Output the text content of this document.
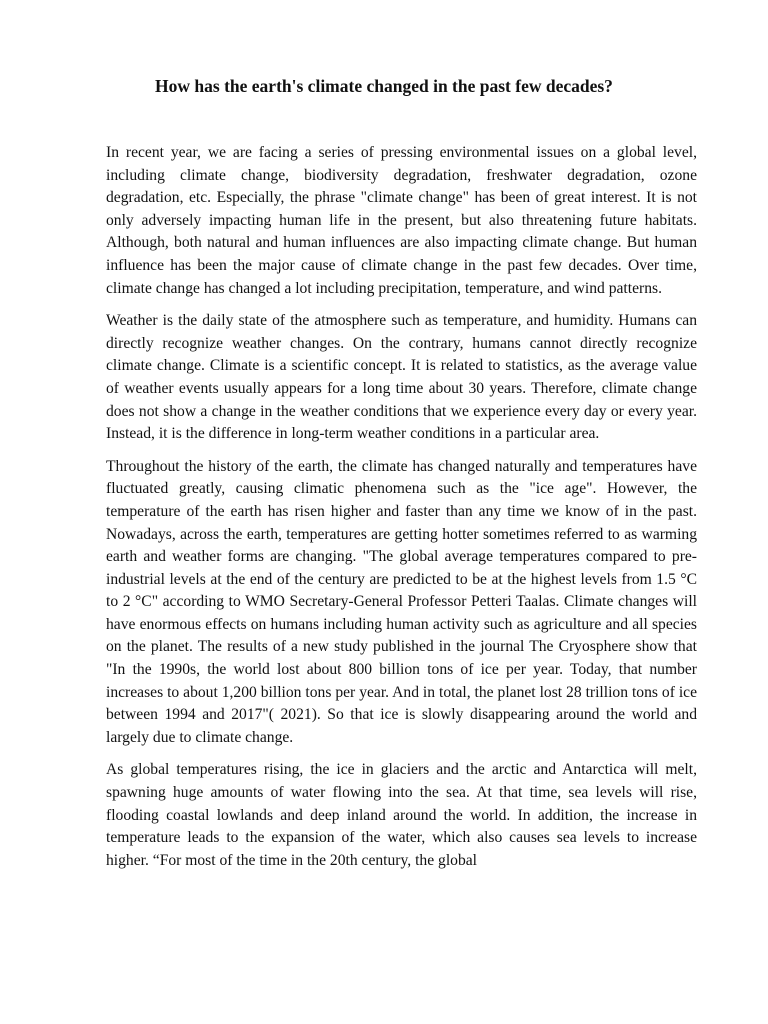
How has the earth's climate changed in the past few decades?

In recent year, we are facing a series of pressing environmental issues on a global level, including climate change, biodiversity degradation, freshwater degradation, ozone degradation, etc. Especially, the phrase "climate change" has been of great interest. It is not only adversely impacting human life in the present, but also threatening future habitats. Although, both natural and human influences are also impacting climate change. But human influence has been the major cause of climate change in the past few decades. Over time, climate change has changed a lot including precipitation, temperature, and wind patterns.

Weather is the daily state of the atmosphere such as temperature, and humidity. Humans can directly recognize weather changes. On the contrary, humans cannot directly recognize climate change. Climate is a scientific concept. It is related to statistics, as the average value of weather events usually appears for a long time about 30 years. Therefore, climate change does not show a change in the weather conditions that we experience every day or every year. Instead, it is the difference in long-term weather conditions in a particular area.

Throughout the history of the earth, the climate has changed naturally and temperatures have fluctuated greatly, causing climatic phenomena such as the "ice age". However, the temperature of the earth has risen higher and faster than any time we know of in the past. Nowadays, across the earth, temperatures are getting hotter sometimes referred to as warming earth and weather forms are changing. "The global average temperatures compared to pre-industrial levels at the end of the century are predicted to be at the highest levels from 1.5 °C to 2 °C" according to WMO Secretary-General Professor Petteri Taalas. Climate changes will have enormous effects on humans including human activity such as agriculture and all species on the planet. The results of a new study published in the journal The Cryosphere show that "In the 1990s, the world lost about 800 billion tons of ice per year. Today, that number increases to about 1,200 billion tons per year. And in total, the planet lost 28 trillion tons of ice between 1994 and 2017"( 2021). So that ice is slowly disappearing around the world and largely due to climate change.

As global temperatures rising, the ice in glaciers and the arctic and Antarctica will melt, spawning huge amounts of water flowing into the sea. At that time, sea levels will rise, flooding coastal lowlands and deep inland around the world. In addition, the increase in temperature leads to the expansion of the water, which also causes sea levels to increase higher. “For most of the time in the 20th century, the global
